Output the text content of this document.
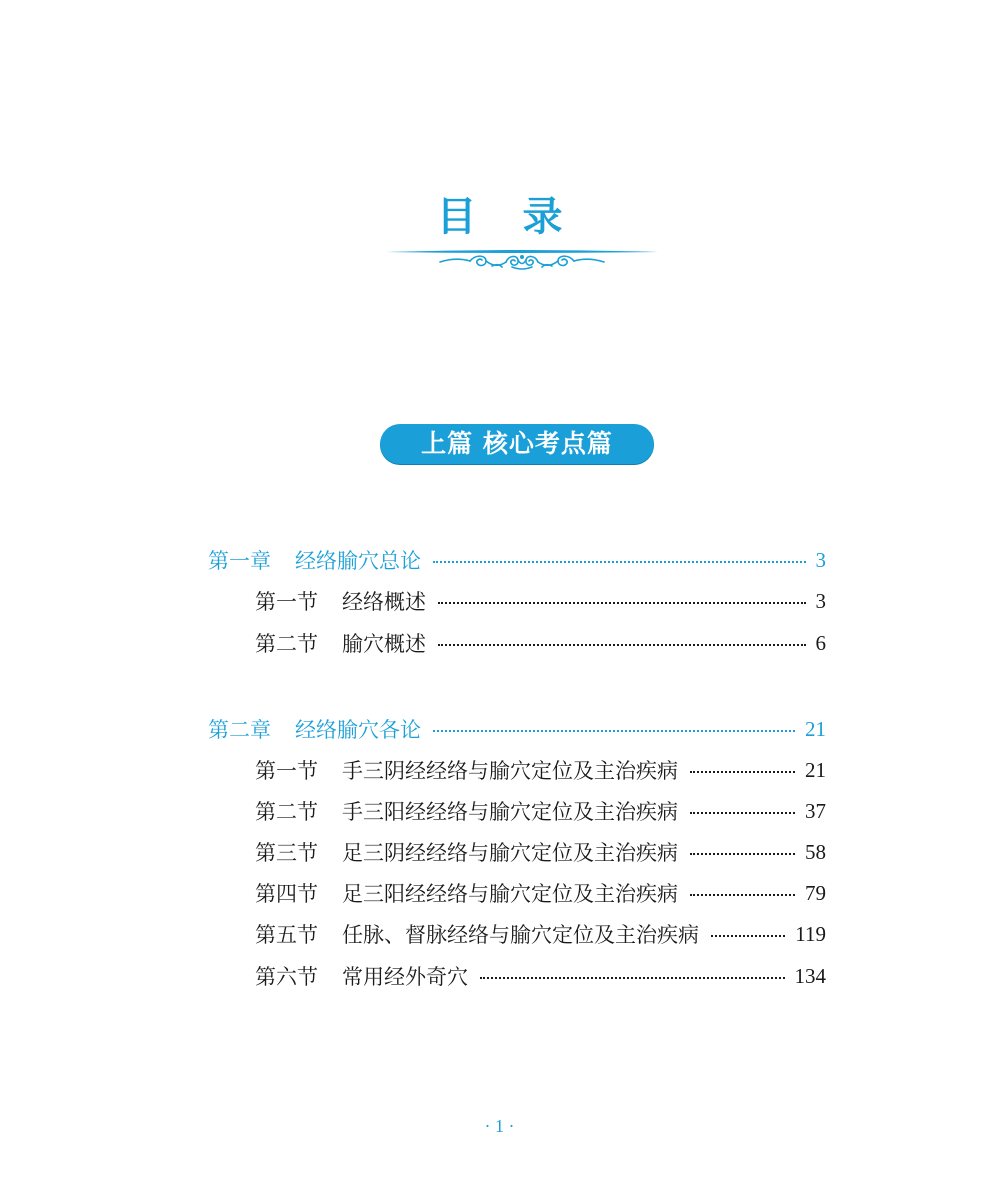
目 录
上篇 核心考点篇
第一章 经络腧穴总论	3
第一节 经络概述	3
第二节 腧穴概述	6
第二章 经络腧穴各论	21
第一节 手三阴经经络与腧穴定位及主治疾病	21
第二节 手三阳经经络与腧穴定位及主治疾病	37
第三节 足三阴经经络与腧穴定位及主治疾病	58
第四节 足三阳经经络与腧穴定位及主治疾病	79
第五节 任脉、督脉经络与腧穴定位及主治疾病	119
第六节 常用经外奇穴	134
· 1 ·
